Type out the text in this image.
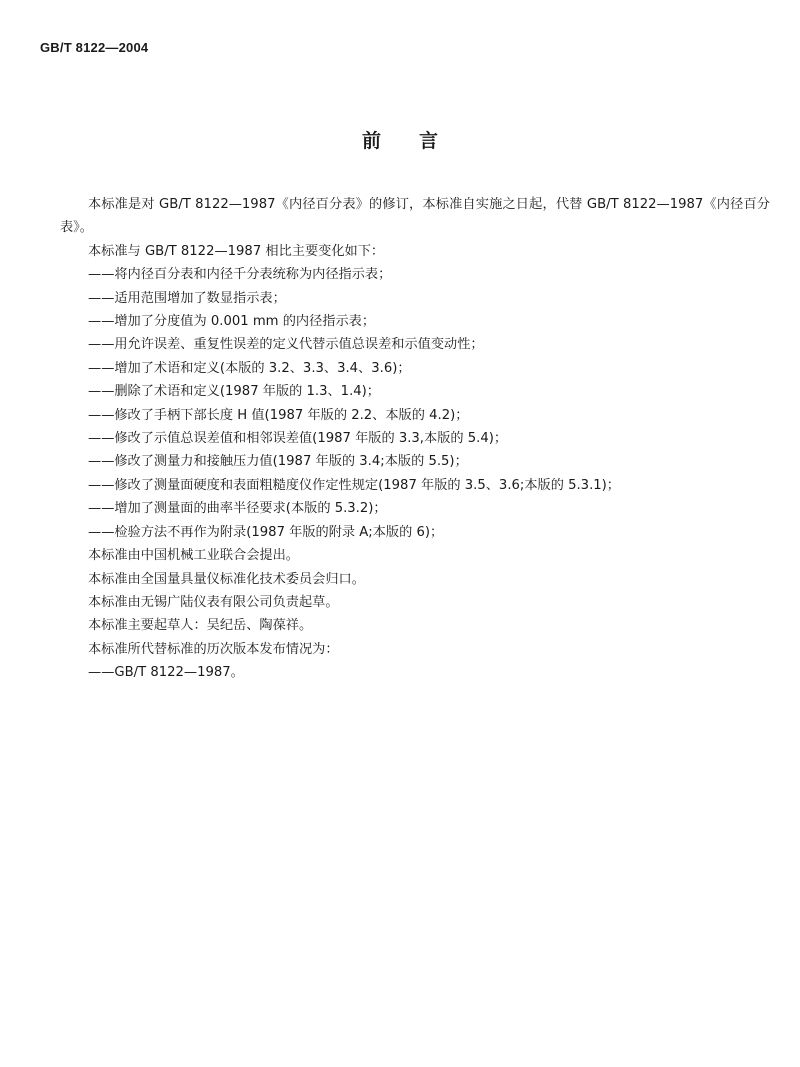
GB/T 8122—2004
前 言

本标准是对 GB/T 8122—1987《内径百分表》的修订，本标准自实施之日起，代替 GB/T 8122—1987《内径百分表》。

本标准与 GB/T 8122—1987 相比主要变化如下：

——将内径百分表和内径千分表统称为内径指示表；

——适用范围增加了数显指示表；

——增加了分度值为 0.001 mm 的内径指示表；

——用允许误差、重复性误差的定义代替示值总误差和示值变动性；

——增加了术语和定义(本版的 3.2、3.3、3.4、3.6)；

——删除了术语和定义(1987 年版的 1.3、1.4)；

——修改了手柄下部长度 H 值(1987 年版的 2.2、本版的 4.2)；

——修改了示值总误差值和相邻误差值(1987 年版的 3.3,本版的 5.4)；

——修改了测量力和接触压力值(1987 年版的 3.4;本版的 5.5)；

——修改了测量面硬度和表面粗糙度仪作定性规定(1987 年版的 3.5、3.6;本版的 5.3.1)；

——增加了测量面的曲率半径要求(本版的 5.3.2)；

——检验方法不再作为附录(1987 年版的附录 A;本版的 6)；

本标准由中国机械工业联合会提出。

本标准由全国量具量仪标准化技术委员会归口。

本标准由无锡广陆仪表有限公司负责起草。

本标准主要起草人：吴纪岳、陶葆祥。

本标准所代替标准的历次版本发布情况为：

——GB/T 8122—1987。
